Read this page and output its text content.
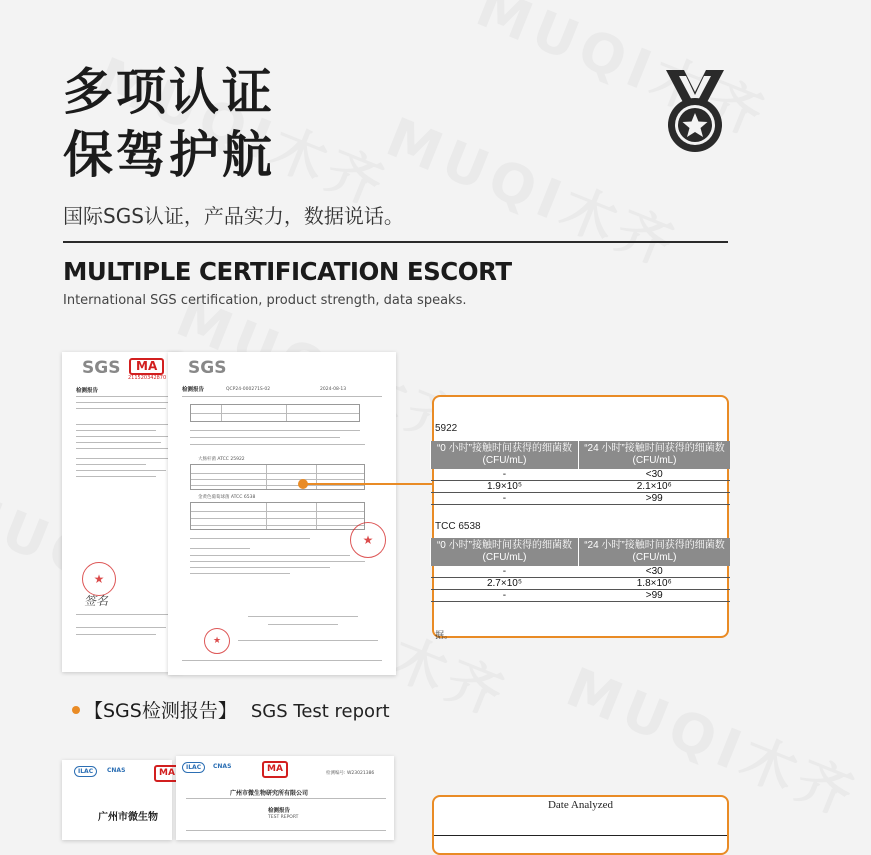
多项认证
保驾护航
国际SGS认证，产品实力，数据说话。
MULTIPLE CERTIFICATION ESCORT
International SGS certification, product strength, data speaks.
SGS	MA
211520342870
检测报告
★
签名
SGS
检测报告	QCP24-000271S-02	2024-08-13
大肠杆菌 ATCC 25922
金黄色葡萄球菌 ATCC 6538
★
★
5922
“0 小时”接触时间获得的细菌数(CFU/mL)	“24 小时”接触时间获得的细菌数(CFU/mL)
-	<30
1.9×10⁵	2.1×10⁶
-	>99
TCC 6538
“0 小时”接触时间获得的细菌数(CFU/mL)	“24 小时”接触时间获得的细菌数(CFU/mL)
-	<30
2.7×10⁵	1.8×10⁶
-	>99
据。
【SGS检测报告】 SGS Test report
ILAC	CNAS	MA
广州市微生物
ILAC	CNAS	MA	检测编号: W23021386
广州市微生物研究所有限公司
检测报告
TEST REPORT
Date Analyzed
